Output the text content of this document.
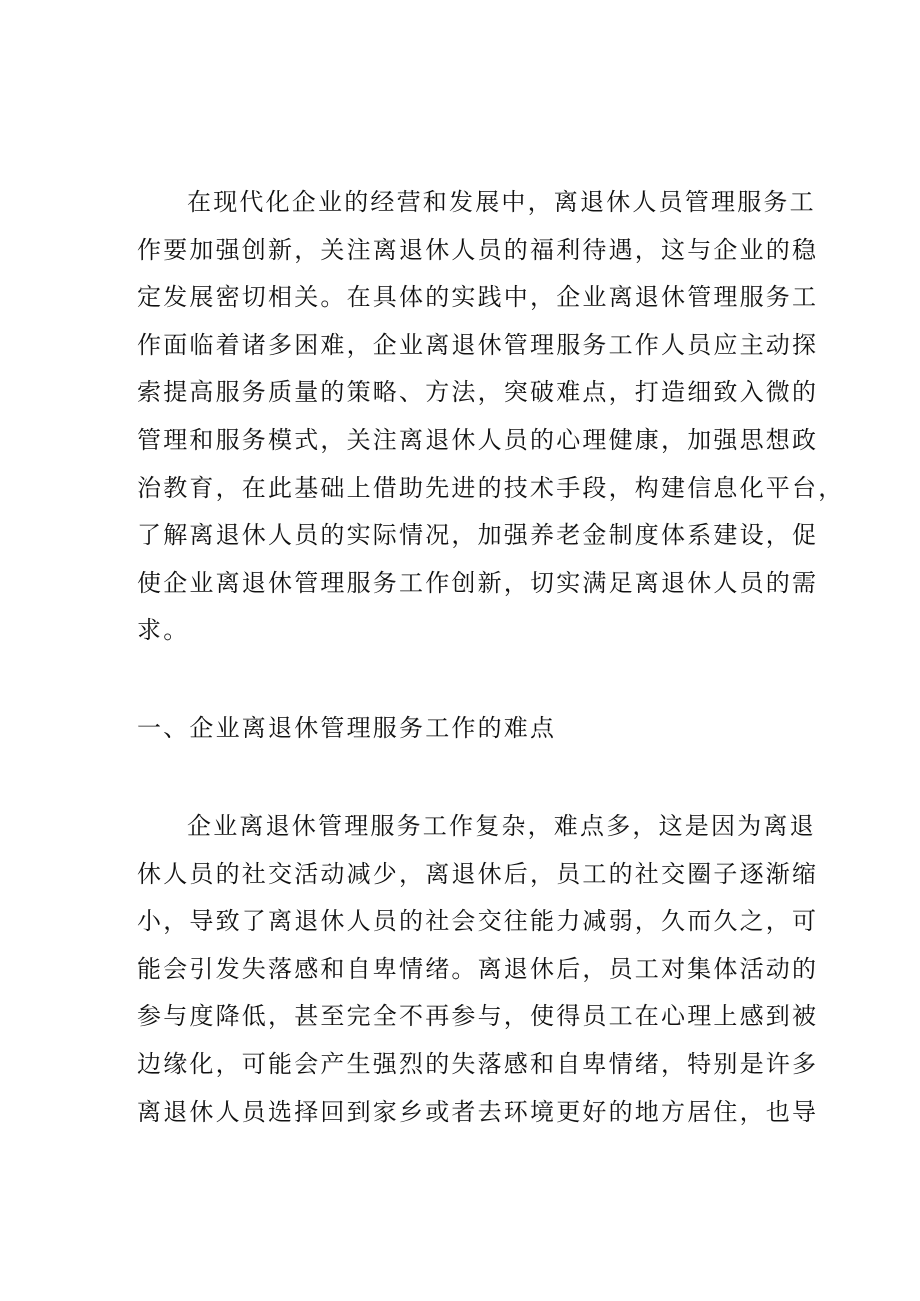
在现代化企业的经营和发展中，离退休人员管理服务工
作要加强创新，关注离退休人员的福利待遇，这与企业的稳
定发展密切相关。在具体的实践中，企业离退休管理服务工
作面临着诸多困难，企业离退休管理服务工作人员应主动探
索提高服务质量的策略、方法，突破难点，打造细致入微的
管理和服务模式，关注离退休人员的心理健康，加强思想政
治教育，在此基础上借助先进的技术手段，构建信息化平台，
了解离退休人员的实际情况，加强养老金制度体系建设，促
使企业离退休管理服务工作创新，切实满足离退休人员的需
求。
一、企业离退休管理服务工作的难点
企业离退休管理服务工作复杂，难点多，这是因为离退
休人员的社交活动减少，离退休后，员工的社交圈子逐渐缩
小，导致了离退休人员的社会交往能力减弱，久而久之，可
能会引发失落感和自卑情绪。离退休后，员工对集体活动的
参与度降低，甚至完全不再参与，使得员工在心理上感到被
边缘化，可能会产生强烈的失落感和自卑情绪，特别是许多
离退休人员选择回到家乡或者去环境更好的地方居住，也导
